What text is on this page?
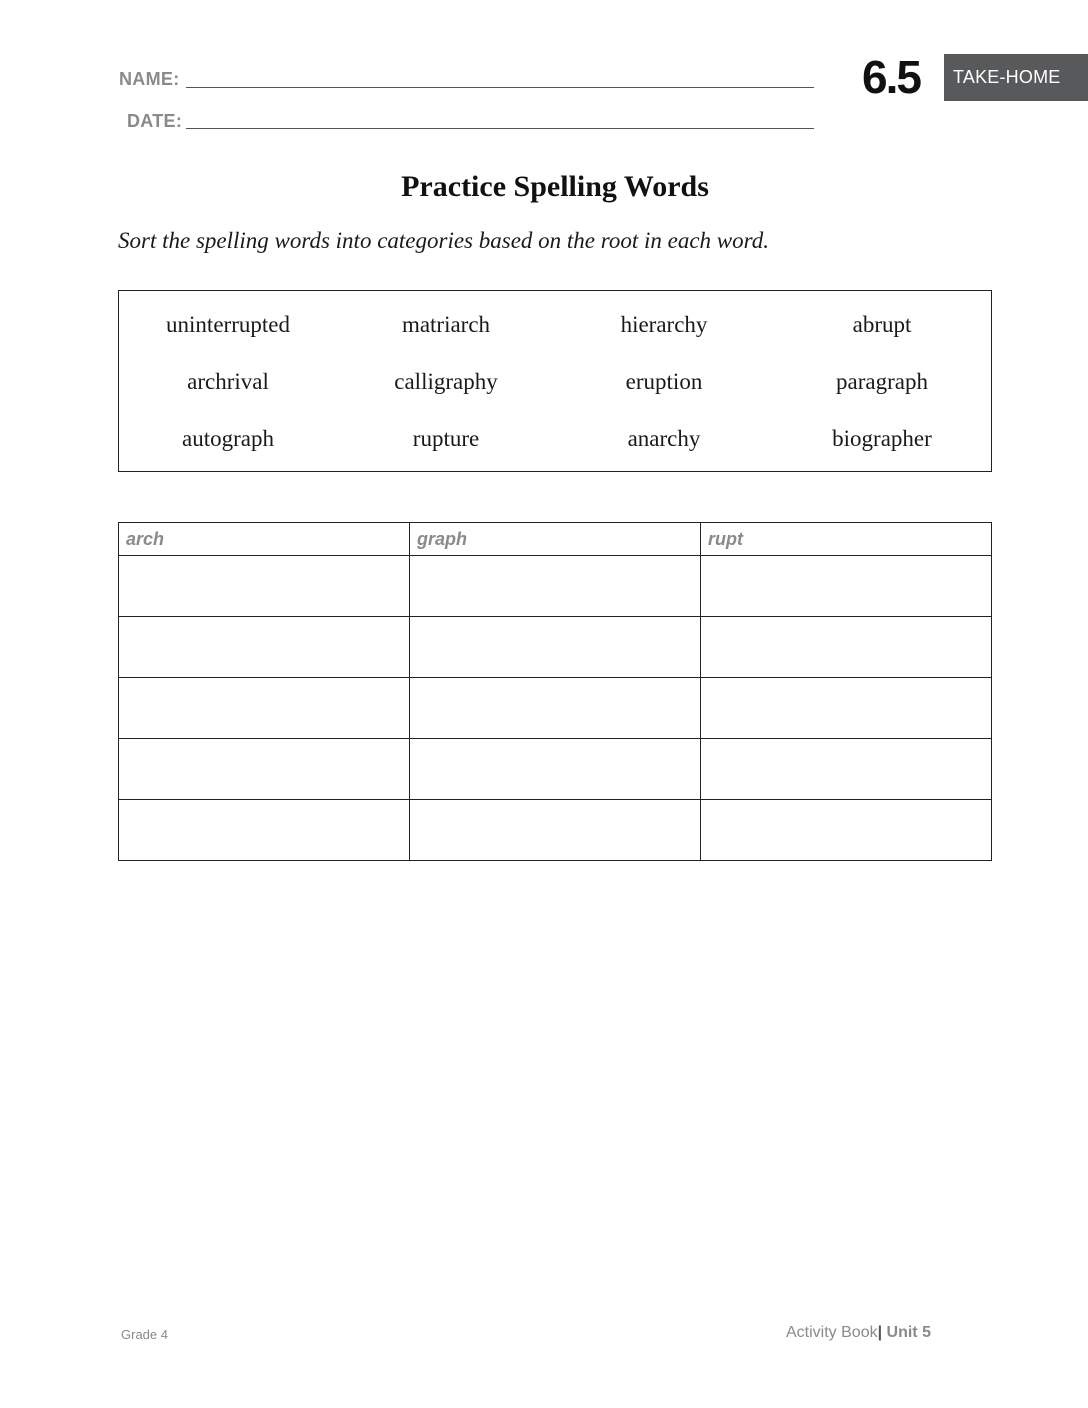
NAME:
DATE:
6.5 TAKE-HOME
Practice Spelling Words
Sort the spelling words into categories based on the root in each word.
uninterrupted	matriarch	hierarchy	abrupt
archrival	calligraphy	eruption	paragraph
autograph	rupture	anarchy	biographer
arch	graph	rupt

Grade 4	Activity Book| Unit 5
